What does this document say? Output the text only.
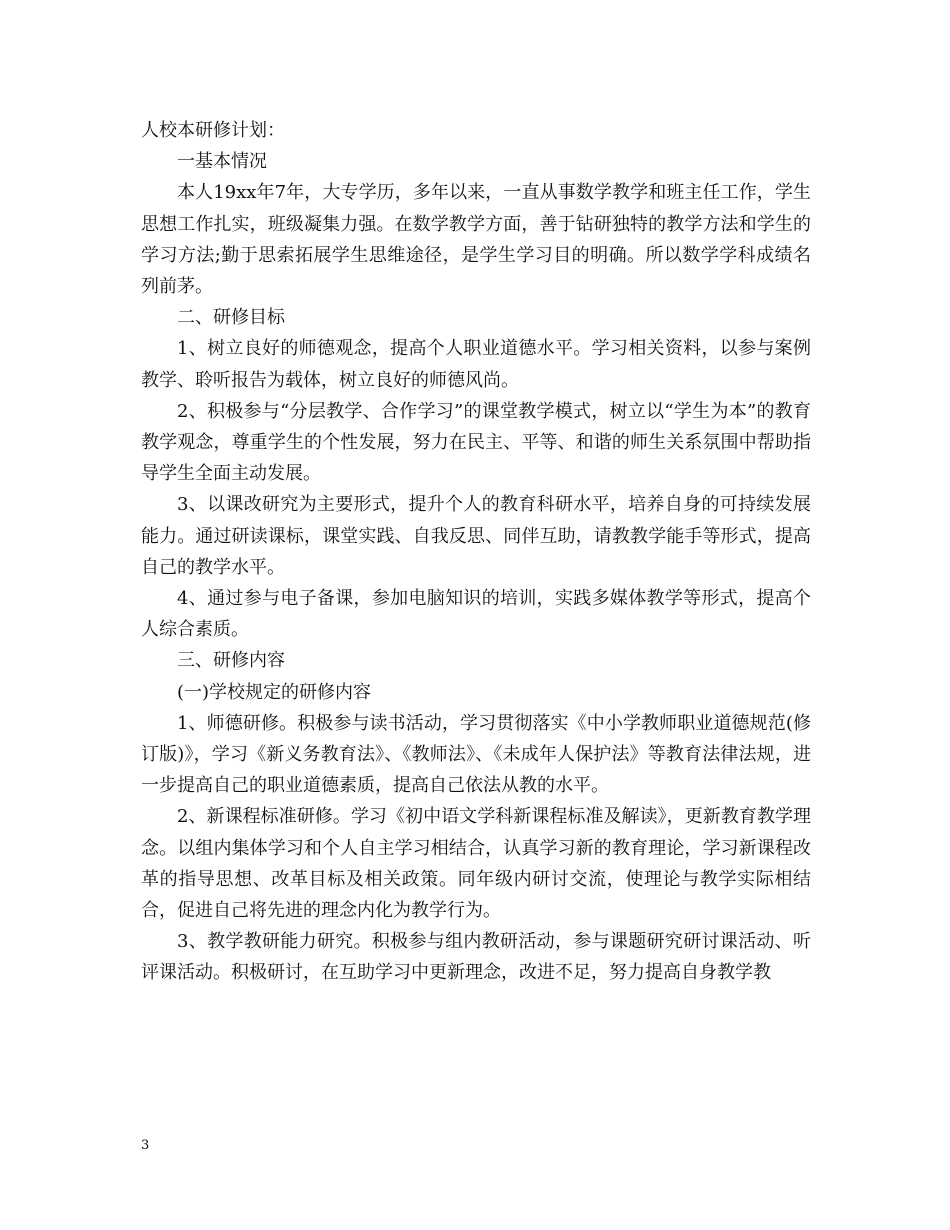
人校本研修计划：

一基本情况

本人19xx年7年，大专学历，多年以来，一直从事数学教学和班主任工作，学生思想工作扎实，班级凝集力强。在数学教学方面，善于钻研独特的教学方法和学生的学习方法;勤于思索拓展学生思维途径，是学生学习目的明确。所以数学学科成绩名列前茅。

二、研修目标

1、树立良好的师德观念，提高个人职业道德水平。学习相关资料，以参与案例教学、聆听报告为载体，树立良好的师德风尚。

2、积极参与“分层教学、合作学习”的课堂教学模式，树立以“学生为本”的教育教学观念，尊重学生的个性发展，努力在民主、平等、和谐的师生关系氛围中帮助指导学生全面主动发展。

3、以课改研究为主要形式，提升个人的教育科研水平，培养自身的可持续发展能力。通过研读课标，课堂实践、自我反思、同伴互助，请教教学能手等形式，提高自己的教学水平。

4、通过参与电子备课，参加电脑知识的培训，实践多媒体教学等形式，提高个人综合素质。

三、研修内容

(一)学校规定的研修内容

1、师德研修。积极参与读书活动，学习贯彻落实《中小学教师职业道德规范(修订版)》，学习《新义务教育法》、《教师法》、《未成年人保护法》等教育法律法规，进一步提高自己的职业道德素质，提高自己依法从教的水平。

2、新课程标准研修。学习《初中语文学科新课程标准及解读》，更新教育教学理念。以组内集体学习和个人自主学习相结合，认真学习新的教育理论，学习新课程改革的指导思想、改革目标及相关政策。同年级内研讨交流，使理论与教学实际相结合，促进自己将先进的理念内化为教学行为。

3、教学教研能力研究。积极参与组内教研活动，参与课题研究研讨课活动、听评课活动。积极研讨，在互助学习中更新理念，改进不足，努力提高自身教学教

3
